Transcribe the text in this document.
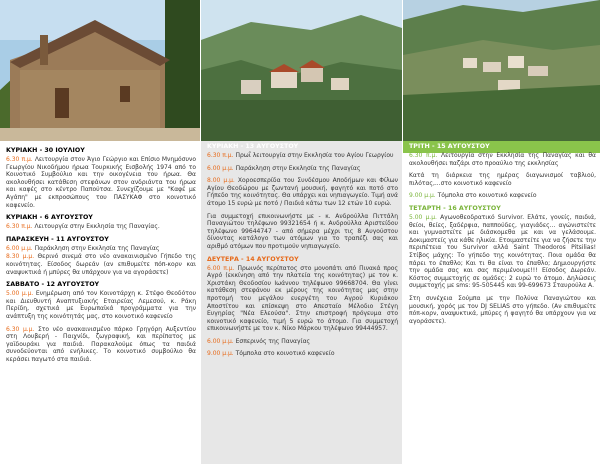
ΚΥΡΙΑΚΗ - 30 ΙΟΥΛΙΟΥ

6.30 π.μ. Λειτουργία στον Άγιο Γεώργιο και Επίσιο Μνημόσυνο Γεωργίου Νικοδήμου ήρωα Τουρκικής Εισβολής 1974 από το Κοινοτικό Συμβούλιο και την οικογένεια του ήρωα. Θα ακολουθήσει κατάθεση στεφάνων στον ανδριάντα του ήρωα και καφές στο κέντρο Παπούτσα. Συνεχίζουμε με "Καφέ με Αγάπη" με εκπροσώπους του ΠΑΣΥΚΑΦ στο κοινοτικό καφενείο.

ΚΥΡΙΑΚΗ - 6 ΑΥΓΟΥΣΤΟΥ

6.30 π.μ. Λειτουργία στην Εκκλησία της Παναγίας.

ΠΑΡΑΣΚΕΥΗ - 11 ΑΥΓΟΥΣΤΟΥ

6.00 μ.μ. Παράκληση στην Εκκλησία της Παναγίας

8.30 μ.μ. Θερινό σινεμά στο νέο ανακαινισμένο Γήπεδο της κοινότητας. Είσοδος δωρεάν (αν επιθυμείτε πόπ-κορν και αναψυκτικά ή μπύρες θα υπάρχουν για να αγοράσετε)

ΣΑΒΒΑΤΟ - 12 ΑΥΓΟΥΣΤΟΥ

5.00 μ.μ. Ενημέρωση από τον Κοινοτάρχη κ. Στέφο Θεοδότου και Διευθυντή Αναπτυξιακής Εταιρείας Λεμεσού, κ. Ράκη Περίδη, σχετικά με Ευρωπαϊκά προγράμματα για την ανάπτυξη της κοινότητάς μας, στο κοινοτικό καφενείο

6.30 μ.μ. Στο νέο ανακαινισμένο πάρκο Γρηγόρη Αυξεντίου στη Λουβερή - Παιχνίδι, ζωγραφική, και περίπατος με γαϊδουράκι για παιδιά. Παρακαλούμε όπως τα παιδιά συνοδεύονται από ενήλικες. Το κοινοτικό συμβούλιο θα κεράσει παγωτό στα παιδιά.

ΚΥΡΙΑΚΗ - 13 ΑΥΓΟΥΣΤΟΥ

6.30 π.μ. Πρωΐ λειτουργία στην Εκκλησία του Αγίου Γεωργίου

6.00 μ.μ. Παράκληση στην Εκκλησία της Παναγίας

8.00 μ.μ. Χοροεσπερίδα του Συνδέσμου Αποδήμων και Φίλων Αγίου Θεοδώρου με ζωντανή μουσική, φαγητό και ποτό στο Γήπεδο της κοινότητας. Θα υπάρχει και νηπιαγωγείο. Τιμή ανά άτομο 15 ευρώ με ποτό / Παιδιά κάτω των 12 ετών 10 ευρώ.

Για συμμετοχή επικοινωνήστε με - κ. Ανδρούλλα Πιττάλη Παναγιώτου τηλέφωνο 99321654 ή κ. Ανδρούλλα Αριστείδου τηλέφωνο 99644747 - από σήμερα μέχρι τις 8 Αυγούστου δίνοντας κατάλογο των ατόμων για το τραπέζι σας και αριθμό ατόμων που προτιμούν νηπιαγωγείο.

ΔΕΥΤΕΡΑ - 14 ΑΥΓΟΥΣΤΟΥ

6.00 π.μ. Πρωινός περίπατος στο μονοπάτι από Πινακά προς Αγρό (εκκίνηση από την πλατεία της κοινότητας) με τον κ. Χριστάκη Θεοδοσίου Ιωάννου τηλέφωνο 99668704. Θα γίνει κατάθεση στεφάνου εκ μέρους της κοινότητας μας στην προτομή του μεγάλου ευεργέτη του Αγρού Κυριάκου Αποστίτου και επίσκεψη στο Απεσταίο Μέλοδιο Στέγη Ευγηρίας "Νέα Ελεούσα". Στην επιστροφή πρόγευμα στο κοινοτικό καφενείο, τιμή 5 ευρώ το άτομο. Για συμμετοχή επικοινωνήστε με τον κ. Νίκο Μάρκου τηλέφωνο 99444957.

6.00 μ.μ. Εσπερινός της Παναγίας

9.00 μ.μ. Τόμπολα στο κοινοτικό καφενείο

ΤΡΙΤΗ - 15 ΑΥΓΟΥΣΤΟΥ

6.30 π.μ. Λειτουργία στην Εκκλησία της Παναγίας και θα ακολουθήσει παζάρι στο προαύλιο της εκκλησίας

Κατά τη διάρκεια της ημέρας διαγωνισμοί ταβλιού, πιλότας,...στο κοινοτικό καφενείο

9.00 μ.μ. Τόμπολα στο κοινοτικό καφενείο

ΤΕΤΑΡΤΗ - 16 ΑΥΓΟΥΣΤΟΥ

5.00 μ.μ. Αγωνοθεοδρατικό Survivor. Ελάτε, γονείς, παιδιά, θείοι, θείες, ξαδέρφια, παππούδες, γιαγιάδες... αγώνιστείτε και γυμναστείτε με διάσκομεθα με και να γελάσουμε. Δοκιμαστείς για κάθε ηλικία. Ετοιμαστείτε για να ζήσετε την περιπέτεια του Survivor αλλά Saint Theodoros Pitsilias! Στίβος μάχης: Το γήπεδο της κοινότητας. Ποια ομάδα θα πάρει το έπαθλο; Και τι θα είναι το έπαθλο; Δημιουργήστε την ομάδα σας και σας περιμένουμε!!! Είσοδος Δωρεάν. Κόστος συμμετοχής σε ομάδες: 2 ευρώ το άτομο. Δηλώσεις συμμετοχής με sms: 95-505445 και 99-699673 Σταυρούλα Α.

Στη συνέχεια Σούμπα με την Πολύνα Παναγιώτου και μουσική, χορός με τον DJ SELIAS στο γήπεδο. (Αν επιθυμείτε πόπ-κορν, αναψυκτικά, μπύρες ή φαγητό θα υπάρχουν για να αγοράσετε).
